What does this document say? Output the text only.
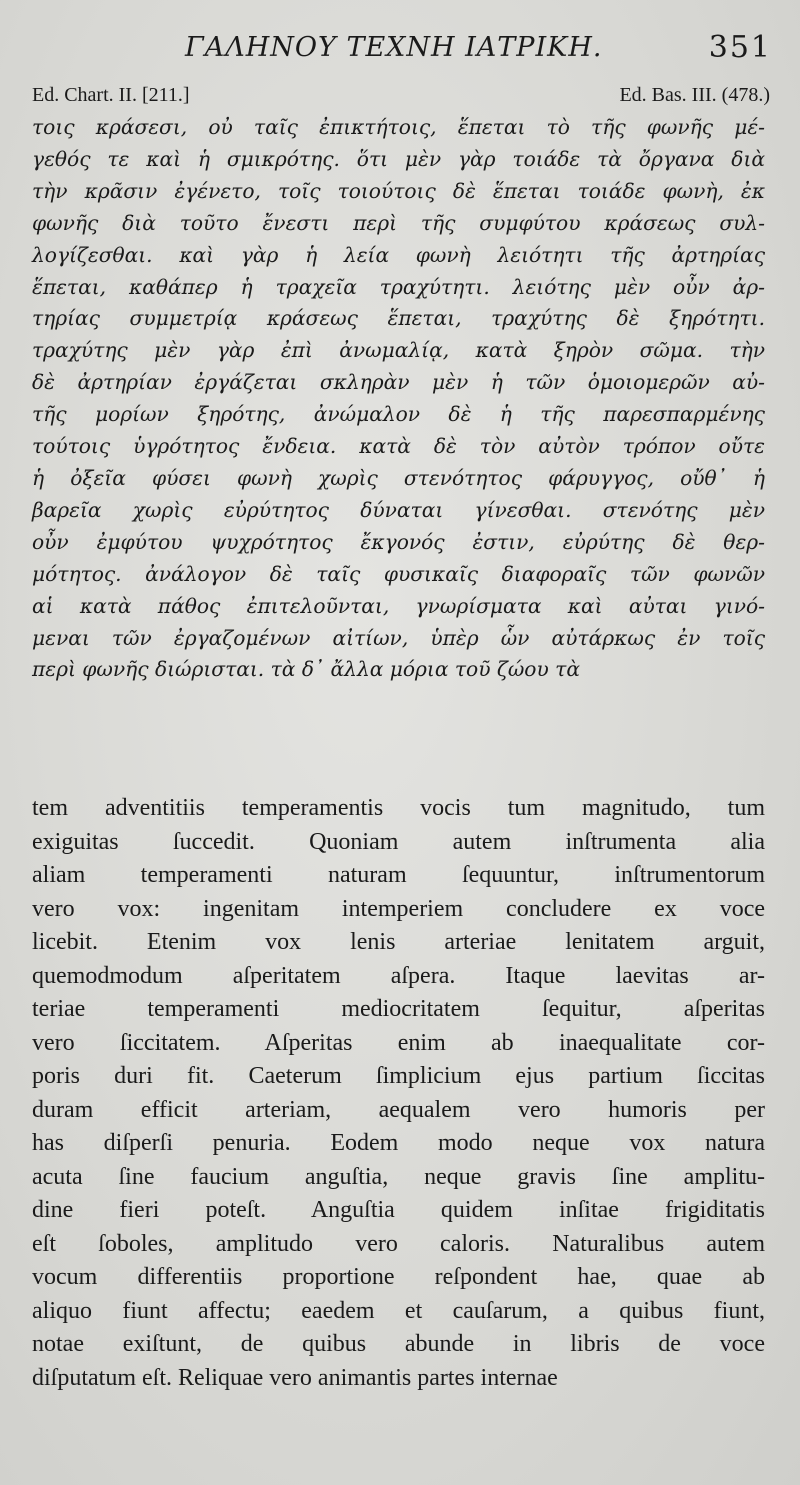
ΓΑΛΗΝΟΥ ΤΕΧΝΗ ΙΑΤΡΙΚΗ.	351
Ed. Chart. II. [211.]	Ed. Bas. III. (478.)
τοις κράσεσι, οὐ ταῖς ἐπικτήτοις, ἕπεται τὸ τῆς φωνῆς μέ-
γεθός τε καὶ ἡ σμικρότης. ὅτι μὲν γὰρ τοιάδε τὰ ὄργανα διὰ
τὴν κρᾶσιν ἐγένετο, τοῖς τοιούτοις δὲ ἕπεται τοιάδε φωνὴ, ἐκ
φωνῆς διὰ τοῦτο ἔνεστι περὶ τῆς συμφύτου κράσεως συλ-
λογίζεσθαι. καὶ γὰρ ἡ λεία φωνὴ λειότητι τῆς ἀρτηρίας
ἕπεται, καθάπερ ἡ τραχεῖα τραχύτητι. λειότης μὲν οὖν ἀρ-
τηρίας συμμετρίᾳ κράσεως ἕπεται, τραχύτης δὲ ξηρότητι.
τραχύτης μὲν γὰρ ἐπὶ ἀνωμαλίᾳ, κατὰ ξηρὸν σῶμα. τὴν
δὲ ἀρτηρίαν ἐργάζεται σκληρὰν μὲν ἡ τῶν ὁμοιομερῶν αὐ-
τῆς μορίων ξηρότης, ἀνώμαλον δὲ ἡ τῆς παρεσπαρμένης
τούτοις ὑγρότητος ἔνδεια. κατὰ δὲ τὸν αὐτὸν τρόπον οὔτε
ἡ ὀξεῖα φύσει φωνὴ χωρὶς στενότητος φάρυγγος, οὔθ᾽ ἡ
βαρεῖα χωρὶς εὐρύτητος δύναται γίνεσθαι. στενότης μὲν
οὖν ἐμφύτου ψυχρότητος ἔκγονός ἐστιν, εὐρύτης δὲ θερ-
μότητος. ἀνάλογον δὲ ταῖς φυσικαῖς διαφοραῖς τῶν φωνῶν
αἱ κατὰ πάθος ἐπιτελοῦνται, γνωρίσματα καὶ αὐται γινό-
μεναι τῶν ἐργαζομένων αἰτίων, ὑπὲρ ὧν αὐτάρκως ἐν τοῖς
περὶ φωνῆς διώρισται. τὰ δ᾽ ἄλλα μόρια τοῦ ζώου τὰ
tem adventitiis temperamentis vocis tum magnitudo, tum
exiguitas ſuccedit. Quoniam autem inſtrumenta alia
aliam temperamenti naturam ſequuntur, inſtrumentorum
vero vox: ingenitam intemperiem concludere ex voce
licebit. Etenim vox lenis arteriae lenitatem arguit,
quemodmodum aſperitatem aſpera. Itaque laevitas ar-
teriae temperamenti mediocritatem ſequitur, aſperitas
vero ſiccitatem. Aſperitas enim ab inaequalitate cor-
poris duri fit. Caeterum ſimplicium ejus partium ſiccitas
duram efficit arteriam, aequalem vero humoris per
has diſperſi penuria. Eodem modo neque vox natura
acuta ſine faucium anguſtia, neque gravis ſine amplitu-
dine fieri poteſt. Anguſtia quidem inſitae frigiditatis
eſt ſoboles, amplitudo vero caloris. Naturalibus autem
vocum differentiis proportione reſpondent hae, quae ab
aliquo fiunt affectu; eaedem et cauſarum, a quibus fiunt,
notae exiſtunt, de quibus abunde in libris de voce
diſputatum eſt. Reliquae vero animantis partes internae
